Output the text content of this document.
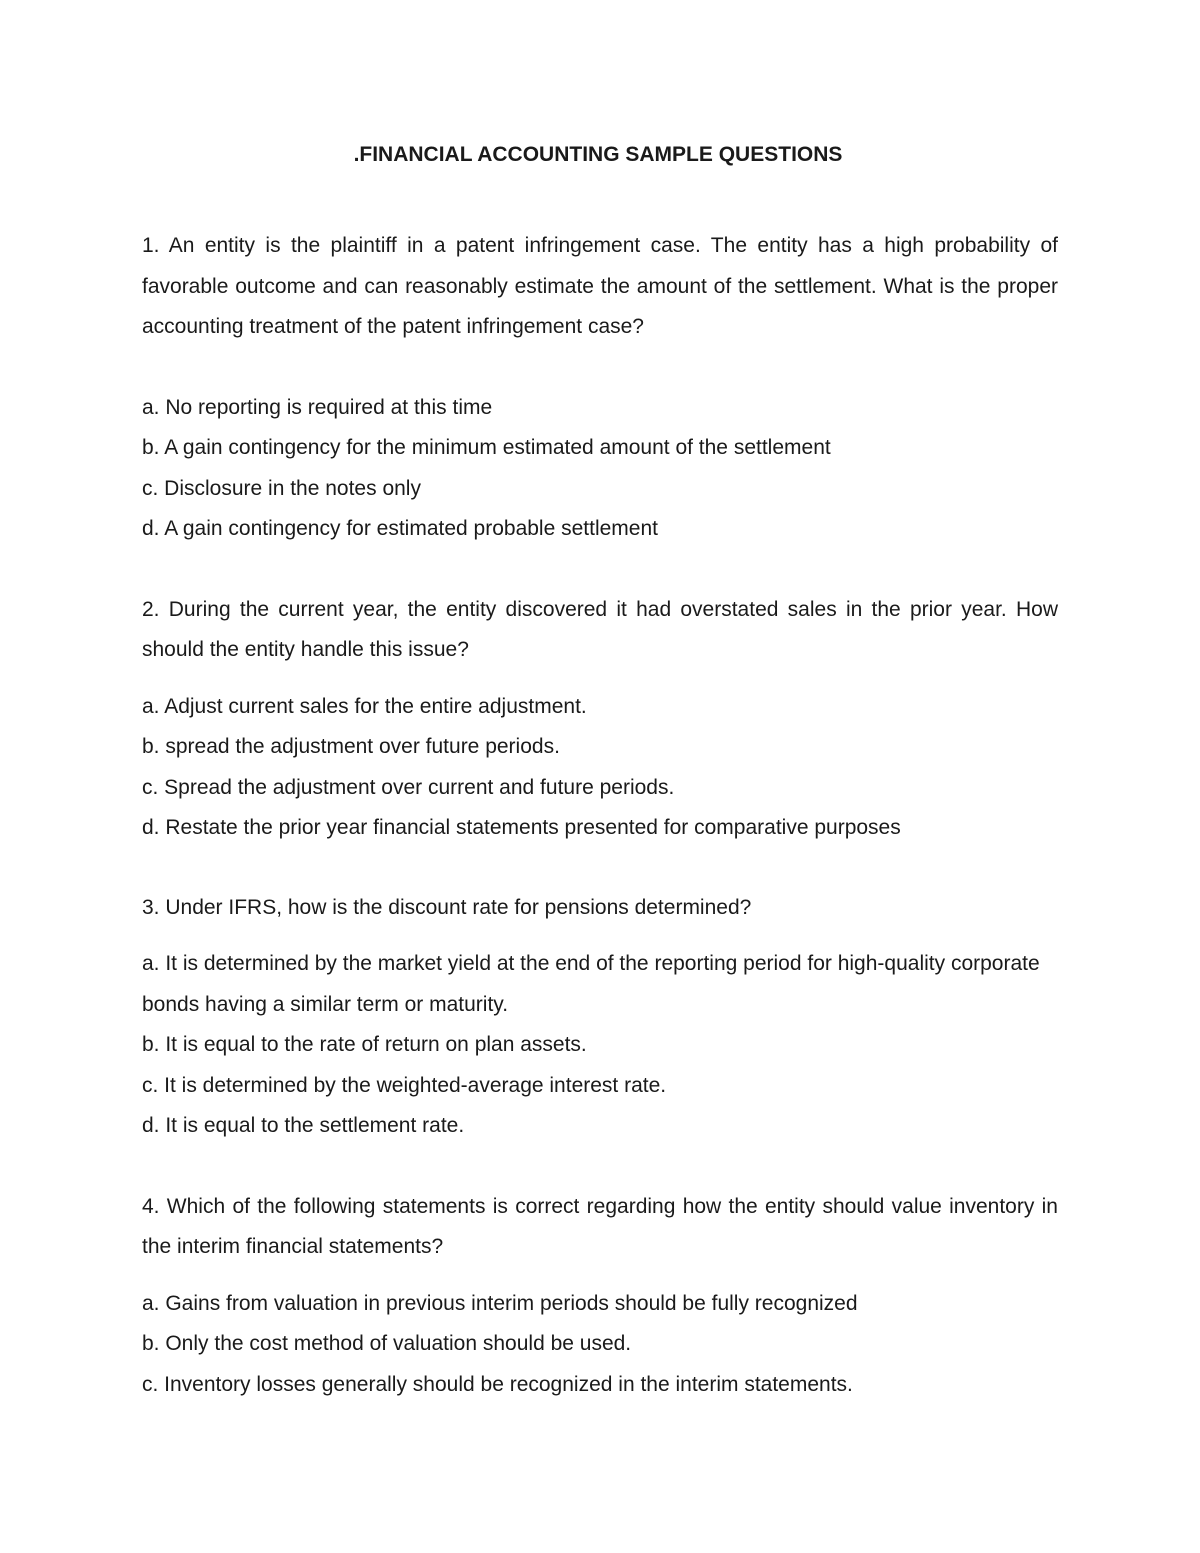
.FINANCIAL ACCOUNTING SAMPLE QUESTIONS

1. An entity is the plaintiff in a patent infringement case. The entity has a high probability of favorable outcome and can reasonably estimate the amount of the settlement. What is the proper accounting treatment of the patent infringement case?

a. No reporting is required at this time

b. A gain contingency for the minimum estimated amount of the settlement

c. Disclosure in the notes only

d. A gain contingency for estimated probable settlement

2. During the current year, the entity discovered it had overstated sales in the prior year. How should the entity handle this issue?

a. Adjust current sales for the entire adjustment.

b. spread the adjustment over future periods.

c. Spread the adjustment over current and future periods.

d. Restate the prior year financial statements presented for comparative purposes

3. Under IFRS, how is the discount rate for pensions determined?

a. It is determined by the market yield at the end of the reporting period for high-quality corporate bonds having a similar term or maturity.

b. It is equal to the rate of return on plan assets.

c. It is determined by the weighted-average interest rate.

d. It is equal to the settlement rate.

4. Which of the following statements is correct regarding how the entity should value inventory in the interim financial statements?

a. Gains from valuation in previous interim periods should be fully recognized

b. Only the cost method of valuation should be used.

c. Inventory losses generally should be recognized in the interim statements.
